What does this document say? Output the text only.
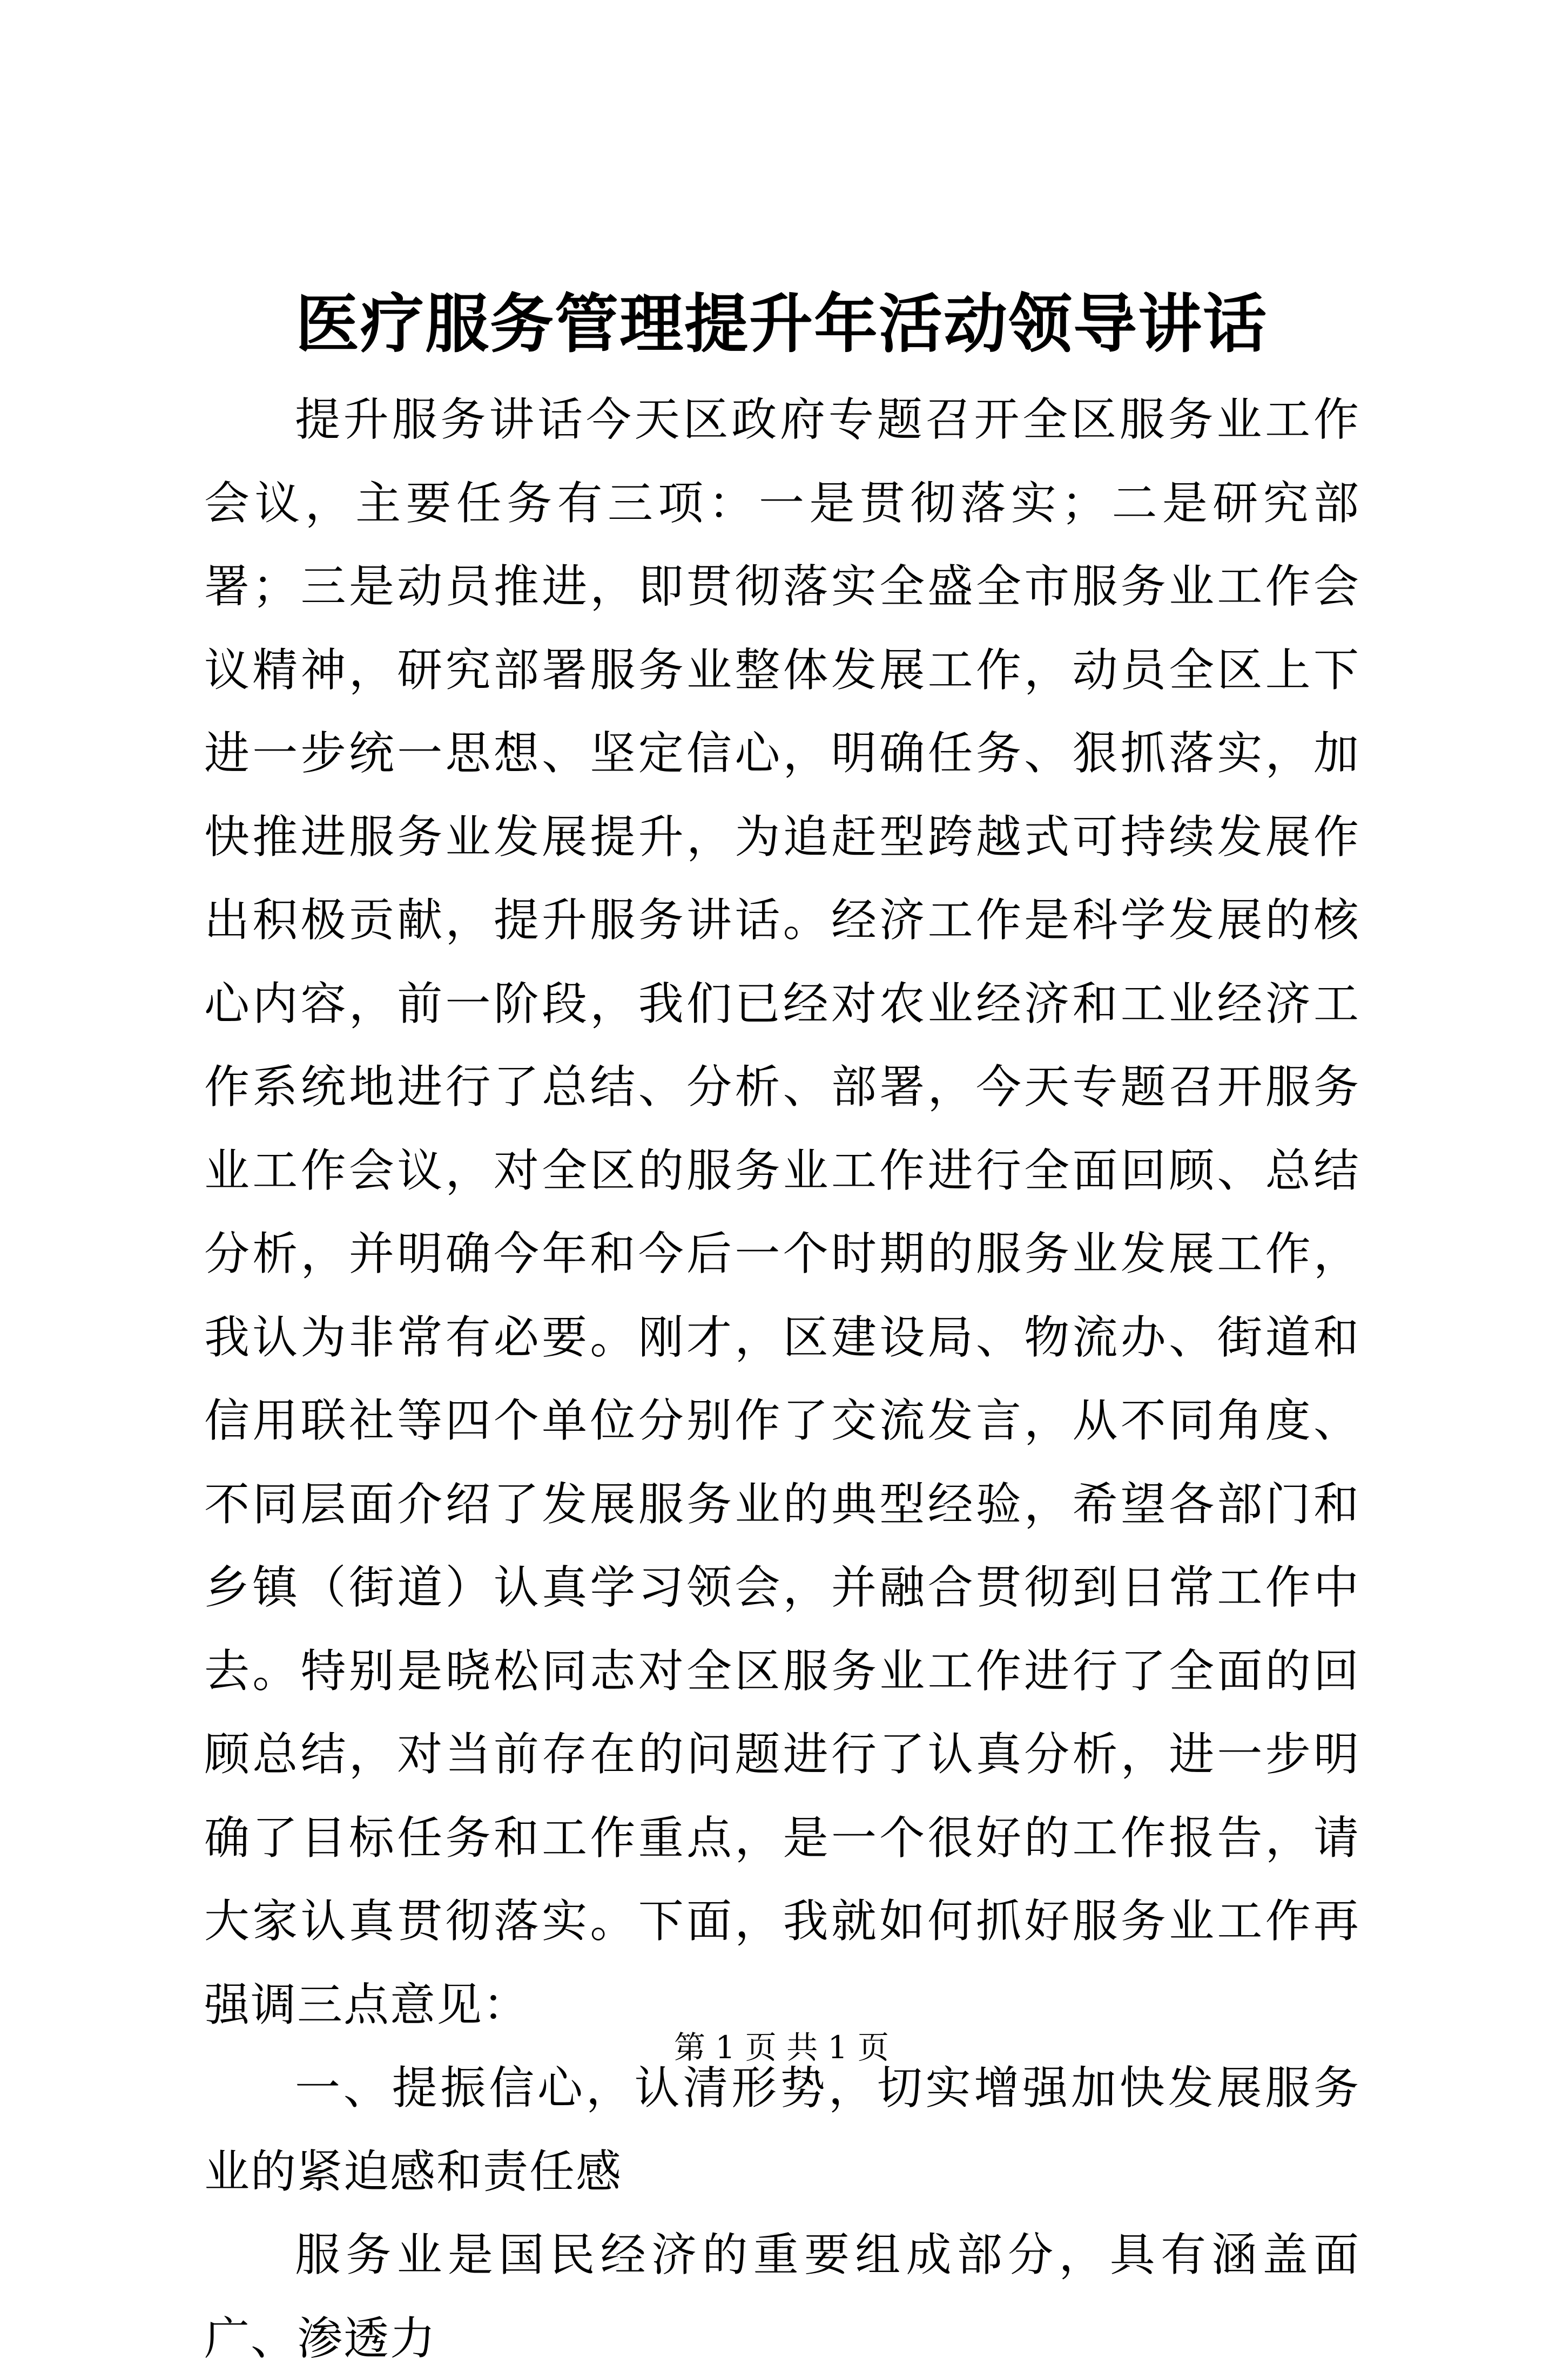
医疗服务管理提升年活动领导讲话

提升服务讲话今天区政府专题召开全区服务业工作会议，主要任务有三项：一是贯彻落实；二是研究部署；三是动员推进，即贯彻落实全盛全市服务业工作会议精神，研究部署服务业整体发展工作，动员全区上下进一步统一思想、坚定信心，明确任务、狠抓落实，加快推进服务业发展提升，为追赶型跨越式可持续发展作出积极贡献，提升服务讲话。经济工作是科学发展的核心内容，前一阶段，我们已经对农业经济和工业经济工作系统地进行了总结、分析、部署，今天专题召开服务业工作会议，对全区的服务业工作进行全面回顾、总结分析，并明确今年和今后一个时期的服务业发展工作，我认为非常有必要。刚才，区建设局、物流办、街道和信用联社等四个单位分别作了交流发言，从不同角度、不同层面介绍了发展服务业的典型经验，希望各部门和乡镇（街道）认真学习领会，并融合贯彻到日常工作中去。特别是晓松同志对全区服务业工作进行了全面的回顾总结，对当前存在的问题进行了认真分析，进一步明确了目标任务和工作重点，是一个很好的工作报告，请大家认真贯彻落实。下面，我就如何抓好服务业工作再强调三点意见：

一、提振信心，认清形势，切实增强加快发展服务业的紧迫感和责任感

服务业是国民经济的重要组成部分，具有涵盖面广、渗透力

第 1 页 共 1 页
